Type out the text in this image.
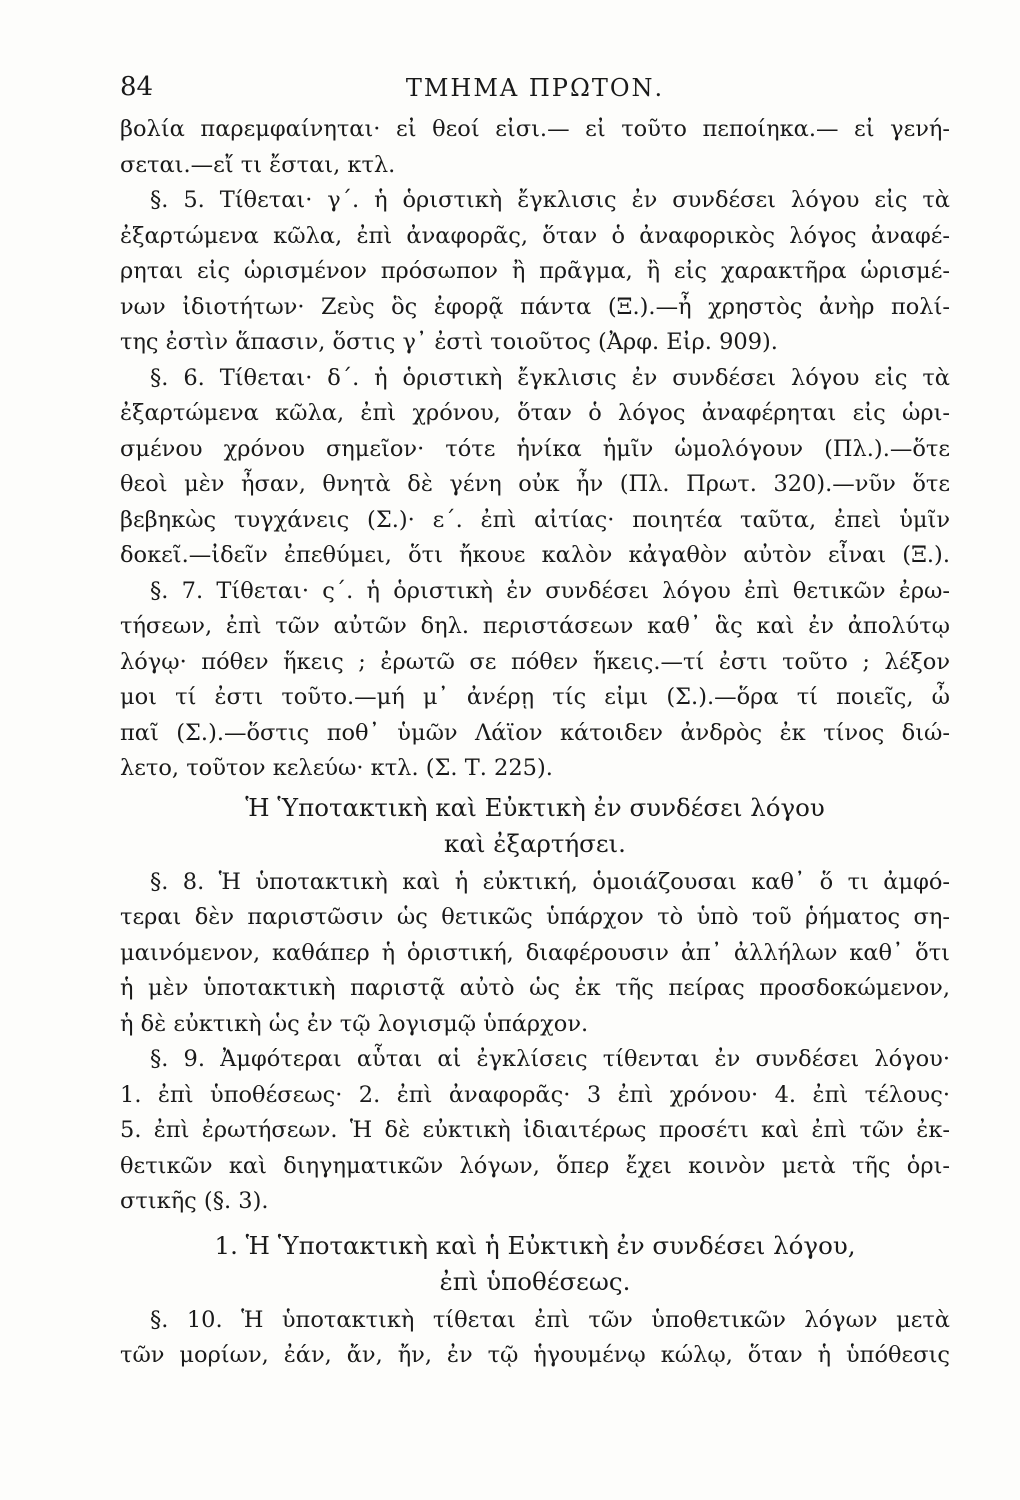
84	ΤΜΗΜΑ ΠΡΩΤΟΝ.
βολία παρεμφαίνηται· εἰ θεοί εἰσι.— εἰ τοῦτο πεποίηκα.— εἰ γενή-
σεται.—εἴ τι ἔσται, κτλ.
§. 5. Τίθεται· γ΄. ἡ ὁριστικὴ ἔγκλισις ἐν συνδέσει λόγου εἰς τὰ
ἐξαρτώμενα κῶλα, ἐπὶ ἀναφορᾶς, ὅταν ὁ ἀναφορικὸς λόγος ἀναφέ-
ρηται εἰς ὡρισμένον πρόσωπον ἢ πρᾶγμα, ἢ εἰς χαρακτῆρα ὡρισμέ-
νων ἰδιοτήτων· Ζεὺς ὃς ἐφορᾷ πάντα (Ξ.).—ἦ χρηστὸς ἀνὴρ πολί-
της ἐστὶν ἅπασιν, ὅστις γ᾽ ἐστὶ τοιοῦτος (Ἀρφ. Εἰρ. 909).
§. 6. Τίθεται· δ΄. ἡ ὁριστικὴ ἔγκλισις ἐν συνδέσει λόγου εἰς τὰ
ἐξαρτώμενα κῶλα, ἐπὶ χρόνου, ὅταν ὁ λόγος ἀναφέρηται εἰς ὡρι-
σμένου χρόνου σημεῖον· τότε ἡνίκα ἡμῖν ὡμολόγουν (Πλ.).—ὅτε
θεοὶ μὲν ἦσαν, θνητὰ δὲ γένη οὐκ ἦν (Πλ. Πρωτ. 320).—νῦν ὅτε
βεβηκὼς τυγχάνεις (Σ.)· ε΄. ἐπὶ αἰτίας· ποιητέα ταῦτα, ἐπεὶ ὑμῖν
δοκεῖ.—ἰδεῖν ἐπεθύμει, ὅτι ἤκουε καλὸν κἀγαθὸν αὐτὸν εἶναι (Ξ.).
§. 7. Τίθεται· ς΄. ἡ ὁριστικὴ ἐν συνδέσει λόγου ἐπὶ θετικῶν ἐρω-
τήσεων, ἐπὶ τῶν αὐτῶν δηλ. περιστάσεων καθ᾽ ἃς καὶ ἐν ἀπολύτῳ
λόγῳ· πόθεν ἥκεις ; ἐρωτῶ σε πόθεν ἥκεις.—τί ἐστι τοῦτο ; λέξον
μοι τί ἐστι τοῦτο.—μή μ᾽ ἀνέρῃ τίς εἰμι (Σ.).—ὅρα τί ποιεῖς, ὦ
παῖ (Σ.).—ὅστις ποθ᾽ ὑμῶν Λάϊον κάτοιδεν ἀνδρὸς ἐκ τίνος διώ-
λετο, τοῦτον κελεύω· κτλ. (Σ. Τ. 225).
Ἡ Ὑποτακτικὴ καὶ Εὐκτικὴ ἐν συνδέσει λόγου
καὶ ἐξαρτήσει.
§. 8. Ἡ ὑποτακτικὴ καὶ ἡ εὐκτική, ὁμοιάζουσαι καθ᾽ ὅ τι ἀμφό-
τεραι δὲν παριστῶσιν ὡς θετικῶς ὑπάρχον τὸ ὑπὸ τοῦ ῥήματος ση-
μαινόμενον, καθάπερ ἡ ὁριστική, διαφέρουσιν ἀπ᾽ ἀλλήλων καθ᾽ ὅτι
ἡ μὲν ὑποτακτικὴ παριστᾷ αὐτὸ ὡς ἐκ τῆς πείρας προσδοκώμενον,
ἡ δὲ εὐκτικὴ ὡς ἐν τῷ λογισμῷ ὑπάρχον.
§. 9. Ἀμφότεραι αὗται αἱ ἐγκλίσεις τίθενται ἐν συνδέσει λόγου·
1. ἐπὶ ὑποθέσεως· 2. ἐπὶ ἀναφορᾶς· 3 ἐπὶ χρόνου· 4. ἐπὶ τέλους·
5. ἐπὶ ἐρωτήσεων. Ἡ δὲ εὐκτικὴ ἰδιαιτέρως προσέτι καὶ ἐπὶ τῶν ἐκ-
θετικῶν καὶ διηγηματικῶν λόγων, ὅπερ ἔχει κοινὸν μετὰ τῆς ὁρι-
στικῆς (§. 3).
1. Ἡ Ὑποτακτικὴ καὶ ἡ Εὐκτικὴ ἐν συνδέσει λόγου,
ἐπὶ ὑποθέσεως.
§. 10. Ἡ ὑποτακτικὴ τίθεται ἐπὶ τῶν ὑποθετικῶν λόγων μετὰ
τῶν μορίων, ἐάν, ἄν, ἤν, ἐν τῷ ἡγουμένῳ κώλῳ, ὅταν ἡ ὑπόθεσις
